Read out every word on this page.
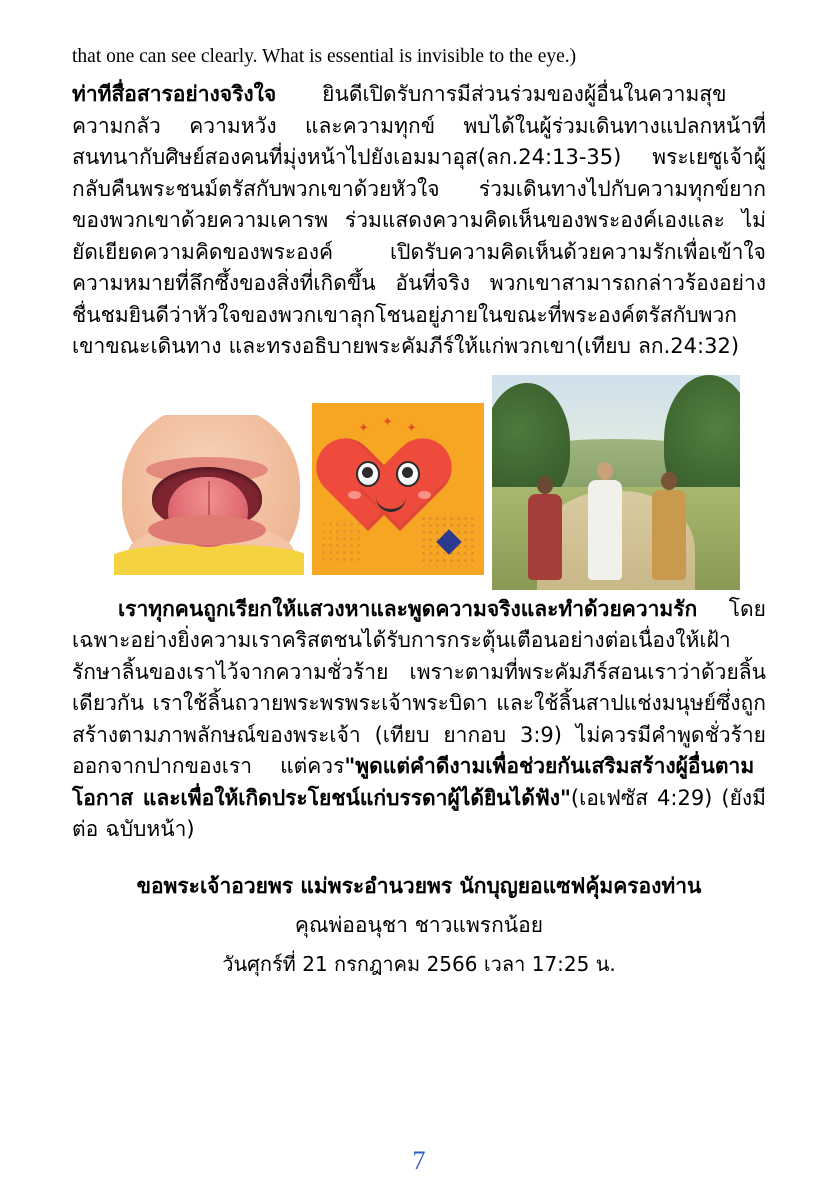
that one can see clearly. What is essential is invisible to the eye.)
ท่าทีสื่อสารอย่างจริงใจ ยินดีเปิดรับการมีส่วนร่วมของผู้อื่นในความสุข ความกลัว ความหวัง และความทุกข์ พบได้ในผู้ร่วมเดินทางแปลกหน้าที่สนทนากับศิษย์สองคนที่มุ่งหน้าไปยังเอมมาอุส(ลก.24:13-35) พระเยซูเจ้าผู้กลับคืนพระชนม์ตรัสกับพวกเขาด้วยหัวใจ ร่วมเดินทางไปกับความทุกข์ยากของพวกเขาด้วยความเคารพ ร่วมแสดงความคิดเห็นของพระองค์เองและ ไม่ยัดเยียดความคิดของพระองค์ เปิดรับความคิดเห็นด้วยความรักเพื่อเข้าใจความหมายที่ลึกซึ้งของสิ่งที่เกิดขึ้น อันที่จริง พวกเขาสามารถกล่าวร้องอย่างชื่นชมยินดีว่าหัวใจของพวกเขาลุกโชนอยู่ภายในขณะที่พระองค์ตรัสกับพวกเขาขณะเดินทาง และทรงอธิบายพระคัมภีร์ให้แก่พวกเขา(เทียบ ลก.24:32)
✦ ✦ ✦
เราทุกคนถูกเรียกให้แสวงหาและพูดความจริงและทำด้วยความรัก โดยเฉพาะอย่างยิ่งความเราคริสตชนได้รับการกระตุ้นเตือนอย่างต่อเนื่องให้เฝ้ารักษาลิ้นของเราไว้จากความชั่วร้าย เพราะตามที่พระคัมภีร์สอนเราว่าด้วยลิ้นเดียวกัน เราใช้ลิ้นถวายพระพรพระเจ้าพระบิดา และใช้ลิ้นสาปแช่งมนุษย์ซึ่งถูกสร้างตามภาพลักษณ์ของพระเจ้า (เทียบ ยากอบ 3:9) ไม่ควรมีคำพูดชั่วร้ายออกจากปากของเรา แต่ควร"พูดแต่คำดีงามเพื่อช่วยกันเสริมสร้างผู้อื่นตามโอกาส และเพื่อให้เกิดประโยชน์แก่บรรดาผู้ได้ยินได้ฟัง"(เอเฟซัส 4:29) (ยังมีต่อ ฉบับหน้า)
ขอพระเจ้าอวยพร แม่พระอำนวยพร นักบุญยอแซฟคุ้มครองท่าน
คุณพ่ออนุชา ชาวแพรกน้อย
วันศุกร์ที่ 21 กรกฎาคม 2566 เวลา 17:25 น.
7
